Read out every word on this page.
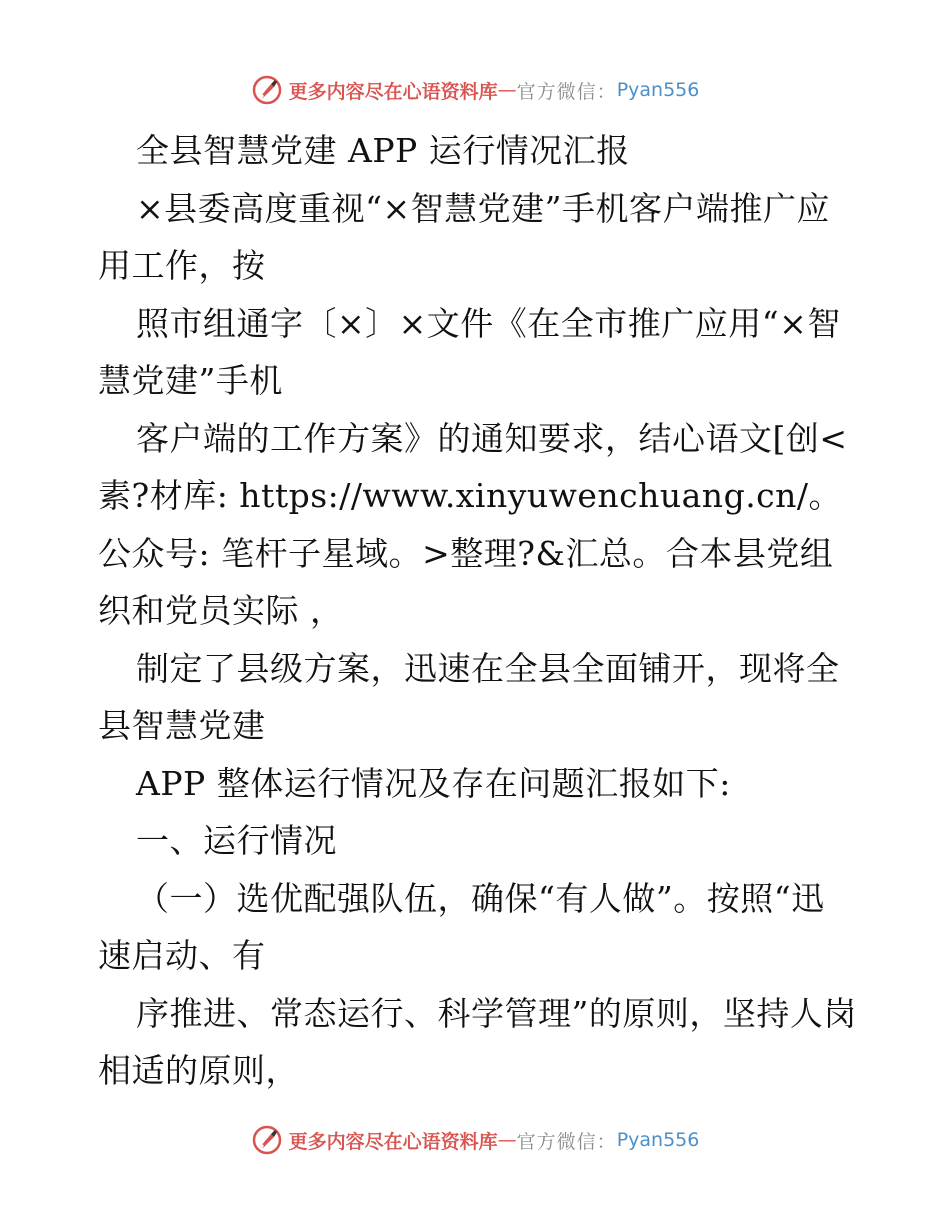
更多内容尽在心语资料库 — 官方微信： Pyan556

全县智慧党建 APP 运行情况汇报

×县委高度重视“×智慧党建”手机客户端推广应用工作，按

照市组通字〔×〕×文件《在全市推广应用“×智慧党建”手机

客户端的工作方案》的通知要求，结心语文[创<素?材库: https://www.xinyuwenchuang.cn/。公众号: 笔杆子星域。>整理?&汇总。合本县党组织和党员实际 ，

制定了县级方案，迅速在全县全面铺开，现将全县智慧党建

APP 整体运行情况及存在问题汇报如下:

一、运行情况

（一）选优配强队伍，确保“有人做”。按照“迅速启动、有

序推进、常态运行、科学管理”的原则，坚持人岗相适的原则，

更多内容尽在心语资料库 — 官方微信： Pyan556
